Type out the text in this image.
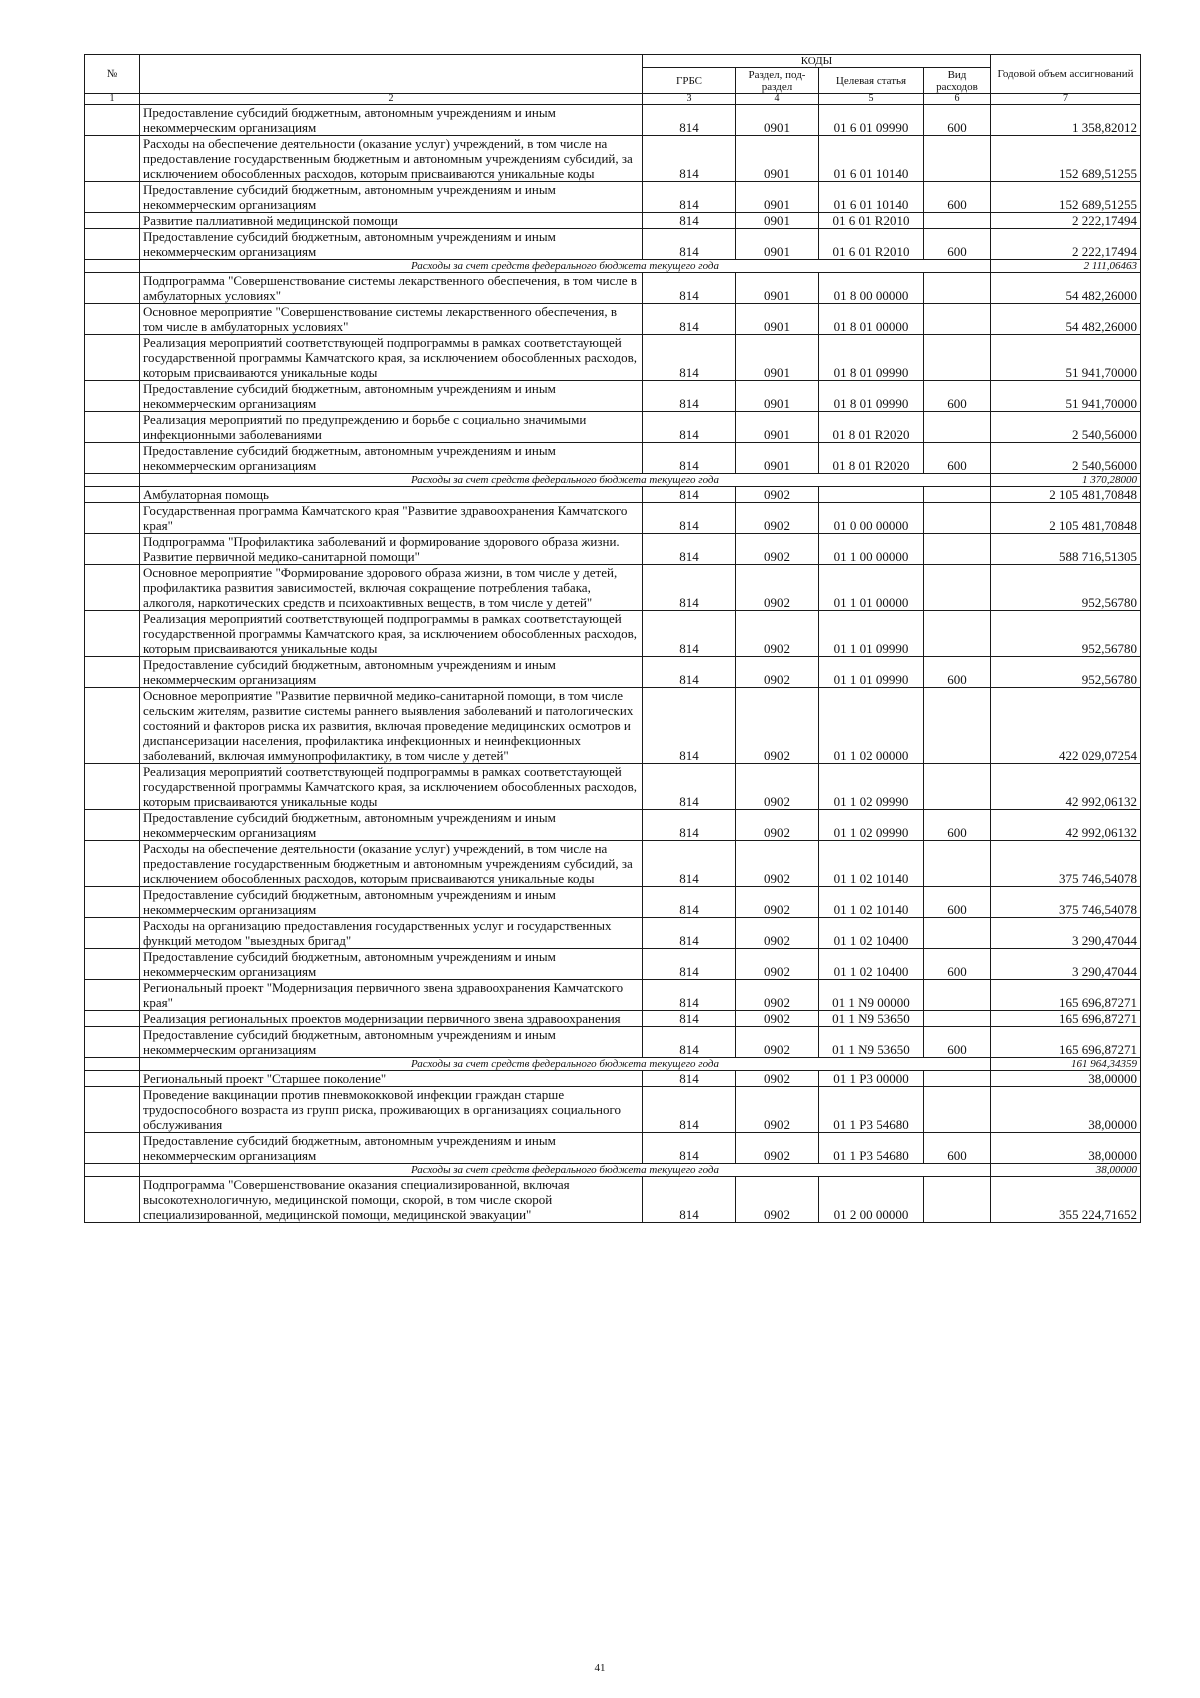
№		КОДЫ				Годовой объем ассигнований
		ГРБС	Раздел, под-раздел	Целевая статья	Вид расходов	
1	2	3	4	5	6	7
	Предоставление субсидий бюджетным, автономным учреждениям и иным некоммерческим организациям	814	0901	01 6 01 09990	600	1 358,82012
	Расходы на обеспечение деятельности (оказание услуг) учреждений, в том числе на предоставление государственным бюджетным и автономным учреждениям субсидий, за исключением обособленных расходов, которым присваиваются уникальные коды	814	0901	01 6 01 10140		152 689,51255
	Предоставление субсидий бюджетным, автономным учреждениям и иным некоммерческим организациям	814	0901	01 6 01 10140	600	152 689,51255
	Развитие паллиативной медицинской помощи	814	0901	01 6 01 R2010		2 222,17494
	Предоставление субсидий бюджетным, автономным учреждениям и иным некоммерческим организациям	814	0901	01 6 01 R2010	600	2 222,17494
	Расходы за счет средств федерального бюджета текущего года					2 111,06463
	Подпрограмма "Совершенствование системы лекарственного обеспечения, в том числе в амбулаторных условиях"	814	0901	01 8 00 00000		54 482,26000
	Основное мероприятие "Совершенствование системы лекарственного обеспечения, в том числе в амбулаторных условиях"	814	0901	01 8 01 00000		54 482,26000
	Реализация мероприятий соответствующей подпрограммы в рамках соответстаующей государственной программы Камчатского края, за исключением обособленных расходов, которым присваиваются уникальные коды	814	0901	01 8 01 09990		51 941,70000
	Предоставление субсидий бюджетным, автономным учреждениям и иным некоммерческим организациям	814	0901	01 8 01 09990	600	51 941,70000
	Реализация мероприятий по предупреждению и борьбе с социально значимыми инфекционными заболеваниями	814	0901	01 8 01 R2020		2 540,56000
	Предоставление субсидий бюджетным, автономным учреждениям и иным некоммерческим организациям	814	0901	01 8 01 R2020	600	2 540,56000
	Расходы за счет средств федерального бюджета текущего года					1 370,28000
	Амбулаторная помощь	814	0902			2 105 481,70848
	Государственная программа Камчатского края "Развитие здравоохранения Камчатского края"	814	0902	01 0 00 00000		2 105 481,70848
	Подпрограмма "Профилактика заболеваний и формирование здорового образа жизни. Развитие первичной медико-санитарной помощи"	814	0902	01 1 00 00000		588 716,51305
	Основное мероприятие "Формирование здорового образа жизни, в том числе у детей, профилактика развития зависимостей, включая сокращение потребления табака, алкоголя, наркотических средств и психоактивных веществ, в том числе у детей"	814	0902	01 1 01 00000		952,56780
	Реализация мероприятий соответствующей подпрограммы в рамках соответстаующей государственной программы Камчатского края, за исключением обособленных расходов, которым присваиваются уникальные коды	814	0902	01 1 01 09990		952,56780
	Предоставление субсидий бюджетным, автономным учреждениям и иным некоммерческим организациям	814	0902	01 1 01 09990	600	952,56780
	Основное мероприятие "Развитие первичной медико-санитарной помощи, в том числе сельским жителям, развитие системы раннего выявления заболеваний и патологических состояний и факторов риска их развития, включая проведение медицинских осмотров и диспансеризации населения, профилактика инфекционных и неинфекционных заболеваний, включая иммунопрофилактику, в том числе у детей"	814	0902	01 1 02 00000		422 029,07254
	Реализация мероприятий соответствующей подпрограммы в рамках соответстаующей государственной программы Камчатского края, за исключением обособленных расходов, которым присваиваются уникальные коды	814	0902	01 1 02 09990		42 992,06132
	Предоставление субсидий бюджетным, автономным учреждениям и иным некоммерческим организациям	814	0902	01 1 02 09990	600	42 992,06132
	Расходы на обеспечение деятельности (оказание услуг) учреждений, в том числе на предоставление государственным бюджетным и автономным учреждениям субсидий, за исключением обособленных расходов, которым присваиваются уникальные коды	814	0902	01 1 02 10140		375 746,54078
	Предоставление субсидий бюджетным, автономным учреждениям и иным некоммерческим организациям	814	0902	01 1 02 10140	600	375 746,54078
	Расходы на организацию предоставления государственных услуг и государственных функций методом "выездных бригад"	814	0902	01 1 02 10400		3 290,47044
	Предоставление субсидий бюджетным, автономным учреждениям и иным некоммерческим организациям	814	0902	01 1 02 10400	600	3 290,47044
	Региональный проект "Модернизация первичного звена здравоохранения Камчатского края"	814	0902	01 1 N9 00000		165 696,87271
	Реализация региональных проектов модернизации первичного звена здравоохранения	814	0902	01 1 N9 53650		165 696,87271
	Предоставление субсидий бюджетным, автономным учреждениям и иным некоммерческим организациям	814	0902	01 1 N9 53650	600	165 696,87271
	Расходы за счет средств федерального бюджета текущего года					161 964,34359
	Региональный проект "Старшее поколение"	814	0902	01 1 P3 00000		38,00000
	Проведение вакцинации против пневмококковой инфекции граждан старше трудоспособного возраста из групп риска, проживающих в организациях социального обслуживания	814	0902	01 1 P3 54680		38,00000
	Предоставление субсидий бюджетным, автономным учреждениям и иным некоммерческим организациям	814	0902	01 1 P3 54680	600	38,00000
	Расходы за счет средств федерального бюджета текущего года					38,00000
	Подпрограмма "Совершенствование оказания специализированной, включая высокотехнологичную, медицинской помощи, скорой, в том числе скорой специализированной, медицинской помощи, медицинской эвакуации"	814	0902	01 2 00 00000		355 224,71652
41
